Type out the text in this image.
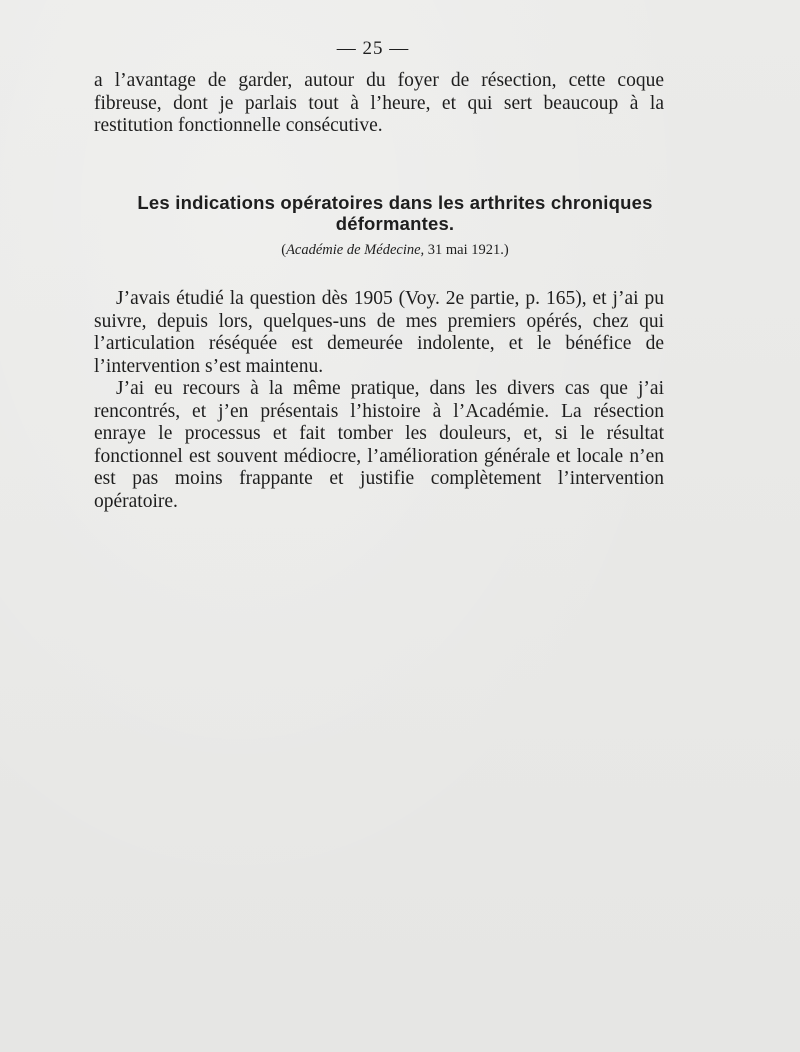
— 25 —

a l’avantage de garder, autour du foyer de résection, cette coque fibreuse, dont je parlais tout à l’heure, et qui sert beaucoup à la restitution fonctionnelle consécutive.

Les indications opératoires dans les arthrites chroniques déformantes.
(Académie de Médecine, 31 mai 1921.)

J’avais étudié la question dès 1905 (Voy. 2e partie, p. 165), et j’ai pu suivre, depuis lors, quelques-uns de mes premiers opérés, chez qui l’articulation réséquée est demeurée indolente, et le bénéfice de l’intervention s’est maintenu.

J’ai eu recours à la même pratique, dans les divers cas que j’ai rencontrés, et j’en présentais l’histoire à l’Académie. La résection enraye le processus et fait tomber les douleurs, et, si le résultat fonctionnel est souvent médiocre, l’amélioration générale et locale n’en est pas moins frappante et justifie complètement l’intervention opératoire.
